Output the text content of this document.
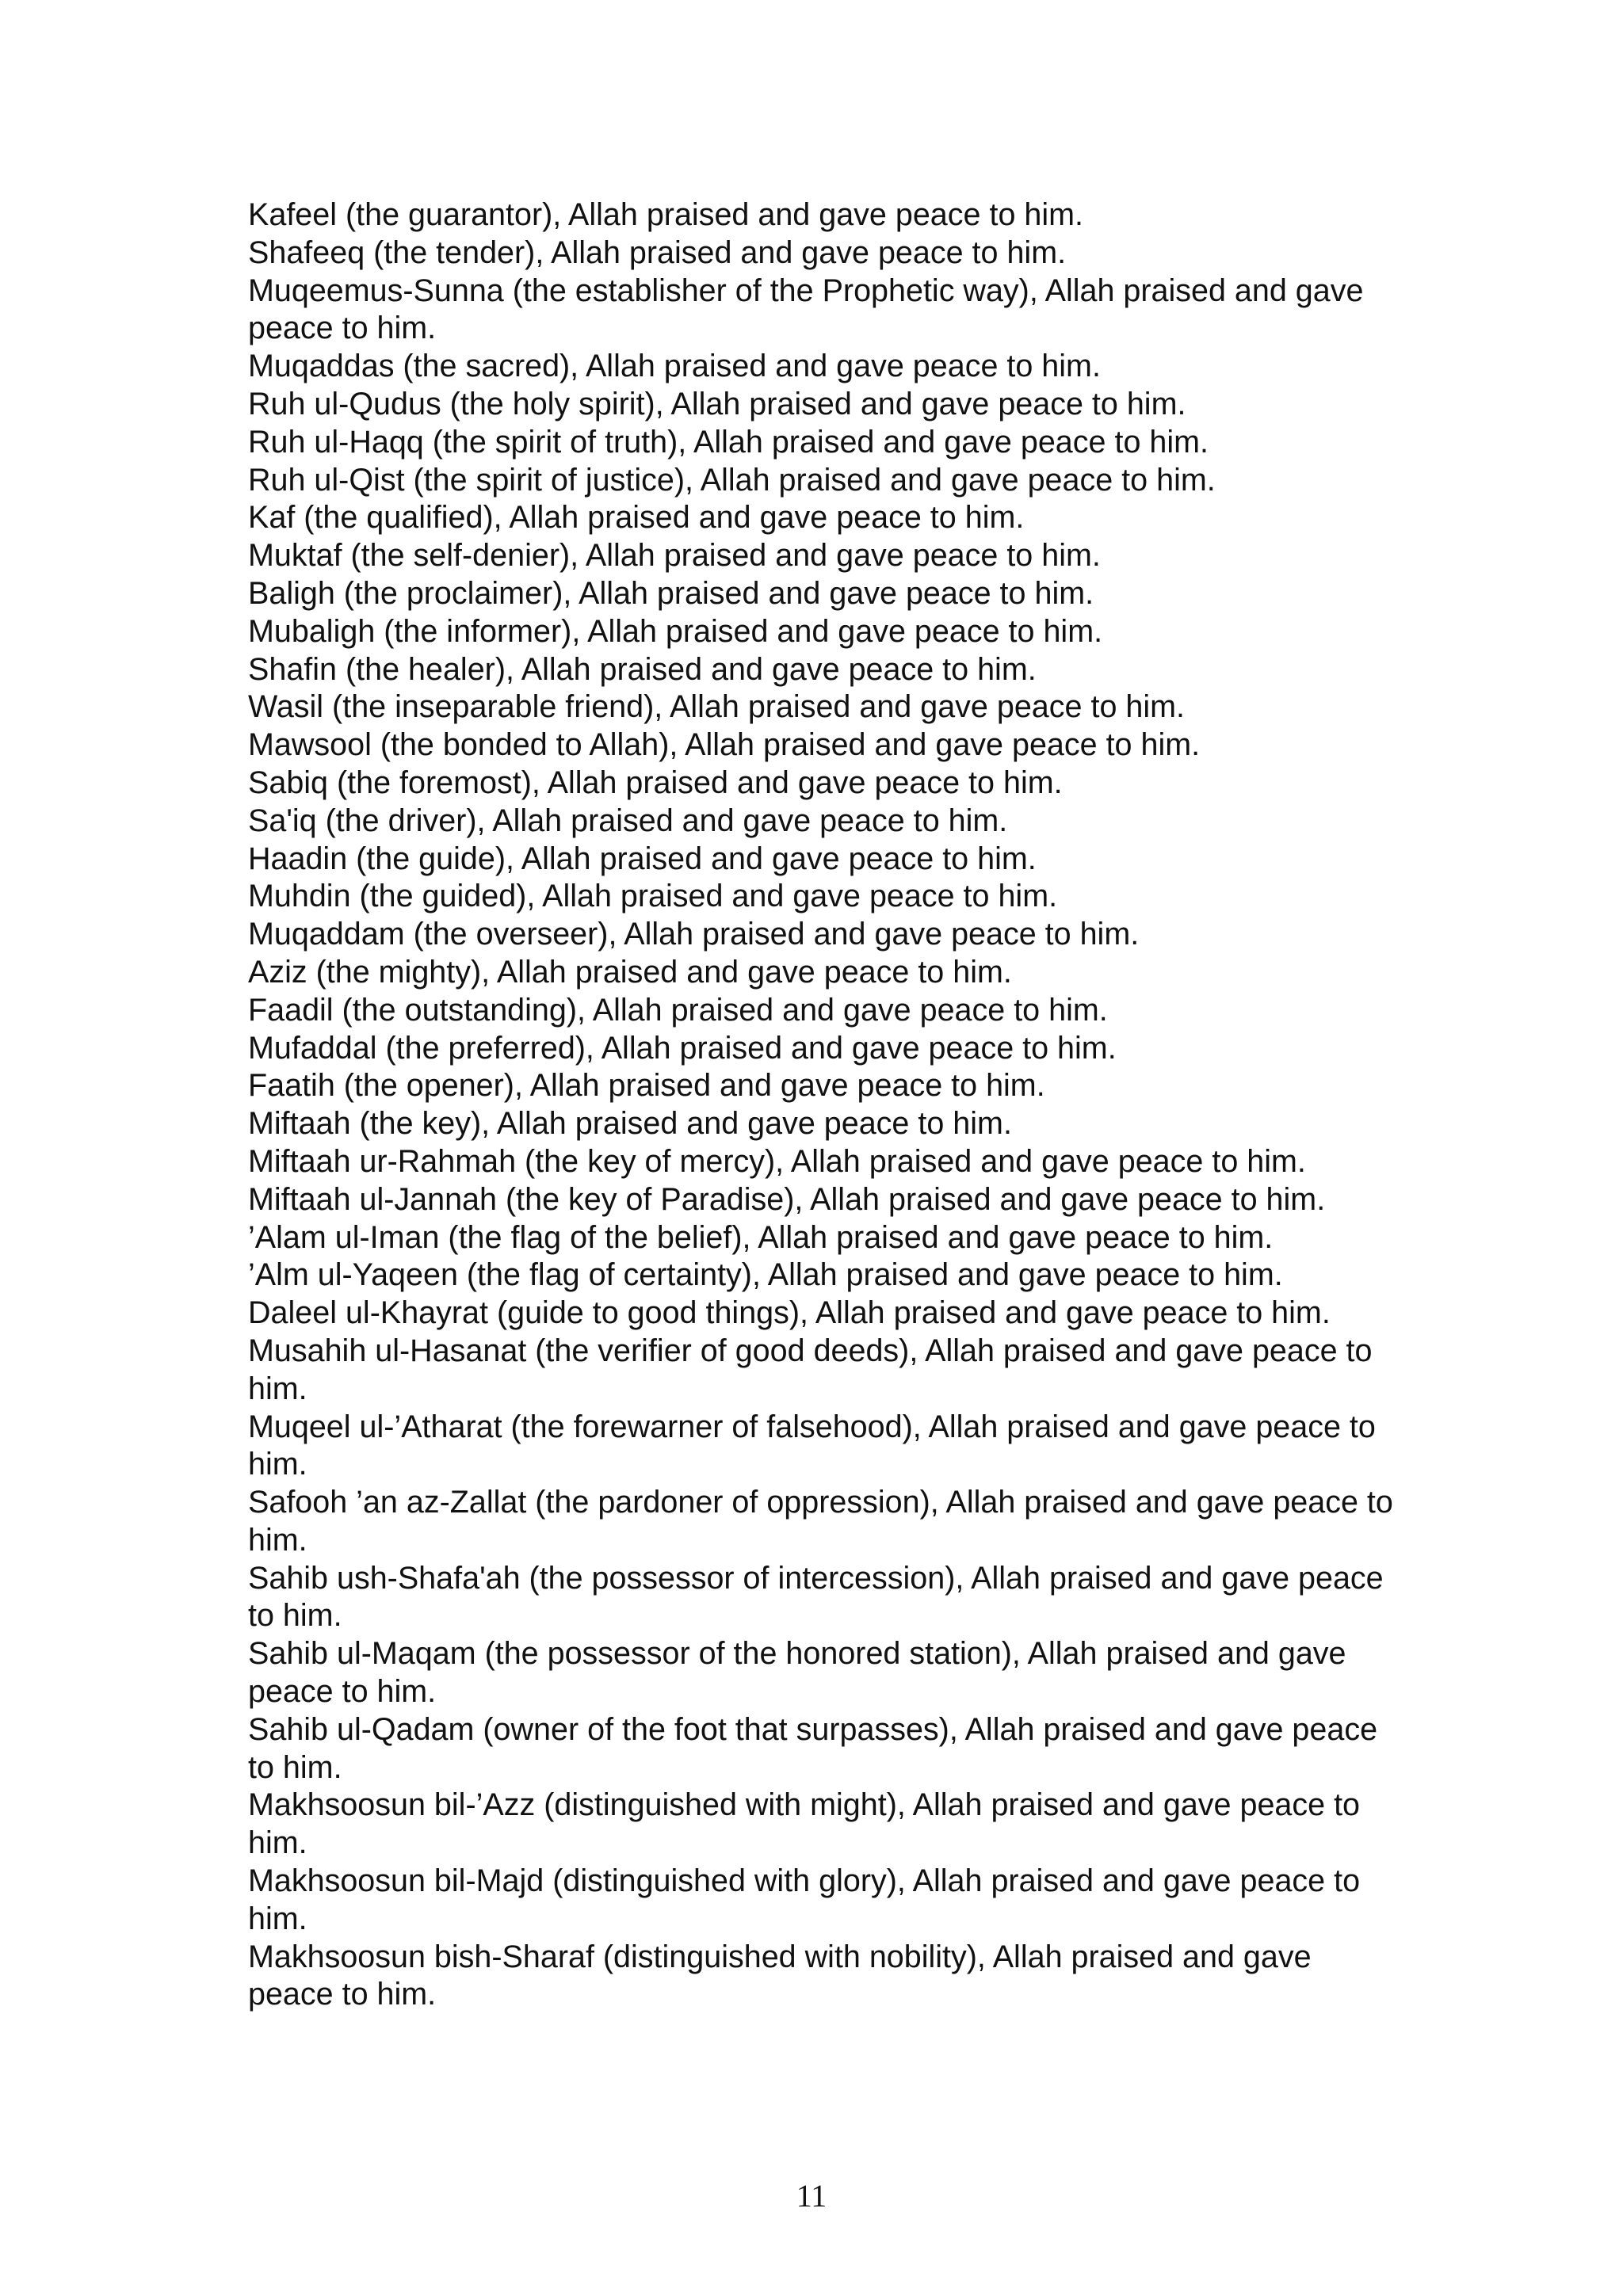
Kafeel (the guarantor), Allah praised and gave peace to him.

Shafeeq (the tender), Allah praised and gave peace to him.

Muqeemus-Sunna (the establisher of the Prophetic way), Allah praised and gave peace to him.

Muqaddas (the sacred), Allah praised and gave peace to him.

Ruh ul-Qudus (the holy spirit), Allah praised and gave peace to him.

Ruh ul-Haqq (the spirit of truth), Allah praised and gave peace to him.

Ruh ul-Qist (the spirit of justice), Allah praised and gave peace to him.

Kaf (the qualified), Allah praised and gave peace to him.

Muktaf (the self-denier), Allah praised and gave peace to him.

Baligh (the proclaimer), Allah praised and gave peace to him.

Mubaligh (the informer), Allah praised and gave peace to him.

Shafin (the healer), Allah praised and gave peace to him.

Wasil (the inseparable friend), Allah praised and gave peace to him.

Mawsool (the bonded to Allah), Allah praised and gave peace to him.

Sabiq (the foremost), Allah praised and gave peace to him.

Sa'iq (the driver), Allah praised and gave peace to him.

Haadin (the guide), Allah praised and gave peace to him.

Muhdin (the guided), Allah praised and gave peace to him.

Muqaddam (the overseer), Allah praised and gave peace to him.

Aziz (the mighty), Allah praised and gave peace to him.

Faadil (the outstanding), Allah praised and gave peace to him.

Mufaddal (the preferred), Allah praised and gave peace to him.

Faatih (the opener), Allah praised and gave peace to him.

Miftaah (the key), Allah praised and gave peace to him.

Miftaah ur-Rahmah (the key of mercy), Allah praised and gave peace to him.

Miftaah ul-Jannah (the key of Paradise), Allah praised and gave peace to him.

’Alam ul-Iman (the flag of the belief), Allah praised and gave peace to him.

’Alm ul-Yaqeen (the flag of certainty), Allah praised and gave peace to him.

Daleel ul-Khayrat (guide to good things), Allah praised and gave peace to him.

Musahih ul-Hasanat (the verifier of good deeds), Allah praised and gave peace to him.

Muqeel ul-’Atharat (the forewarner of falsehood), Allah praised and gave peace to him.

Safooh ’an az-Zallat (the pardoner of oppression), Allah praised and gave peace to him.

Sahib ush-Shafa'ah (the possessor of intercession), Allah praised and gave peace to him.

Sahib ul-Maqam (the possessor of the honored station), Allah praised and gave peace to him.

Sahib ul-Qadam (owner of the foot that surpasses), Allah praised and gave peace to him.

Makhsoosun bil-’Azz (distinguished with might), Allah praised and gave peace to him.

Makhsoosun bil-Majd (distinguished with glory), Allah praised and gave peace to him.

Makhsoosun bish-Sharaf (distinguished with nobility), Allah praised and gave peace to him.

11
